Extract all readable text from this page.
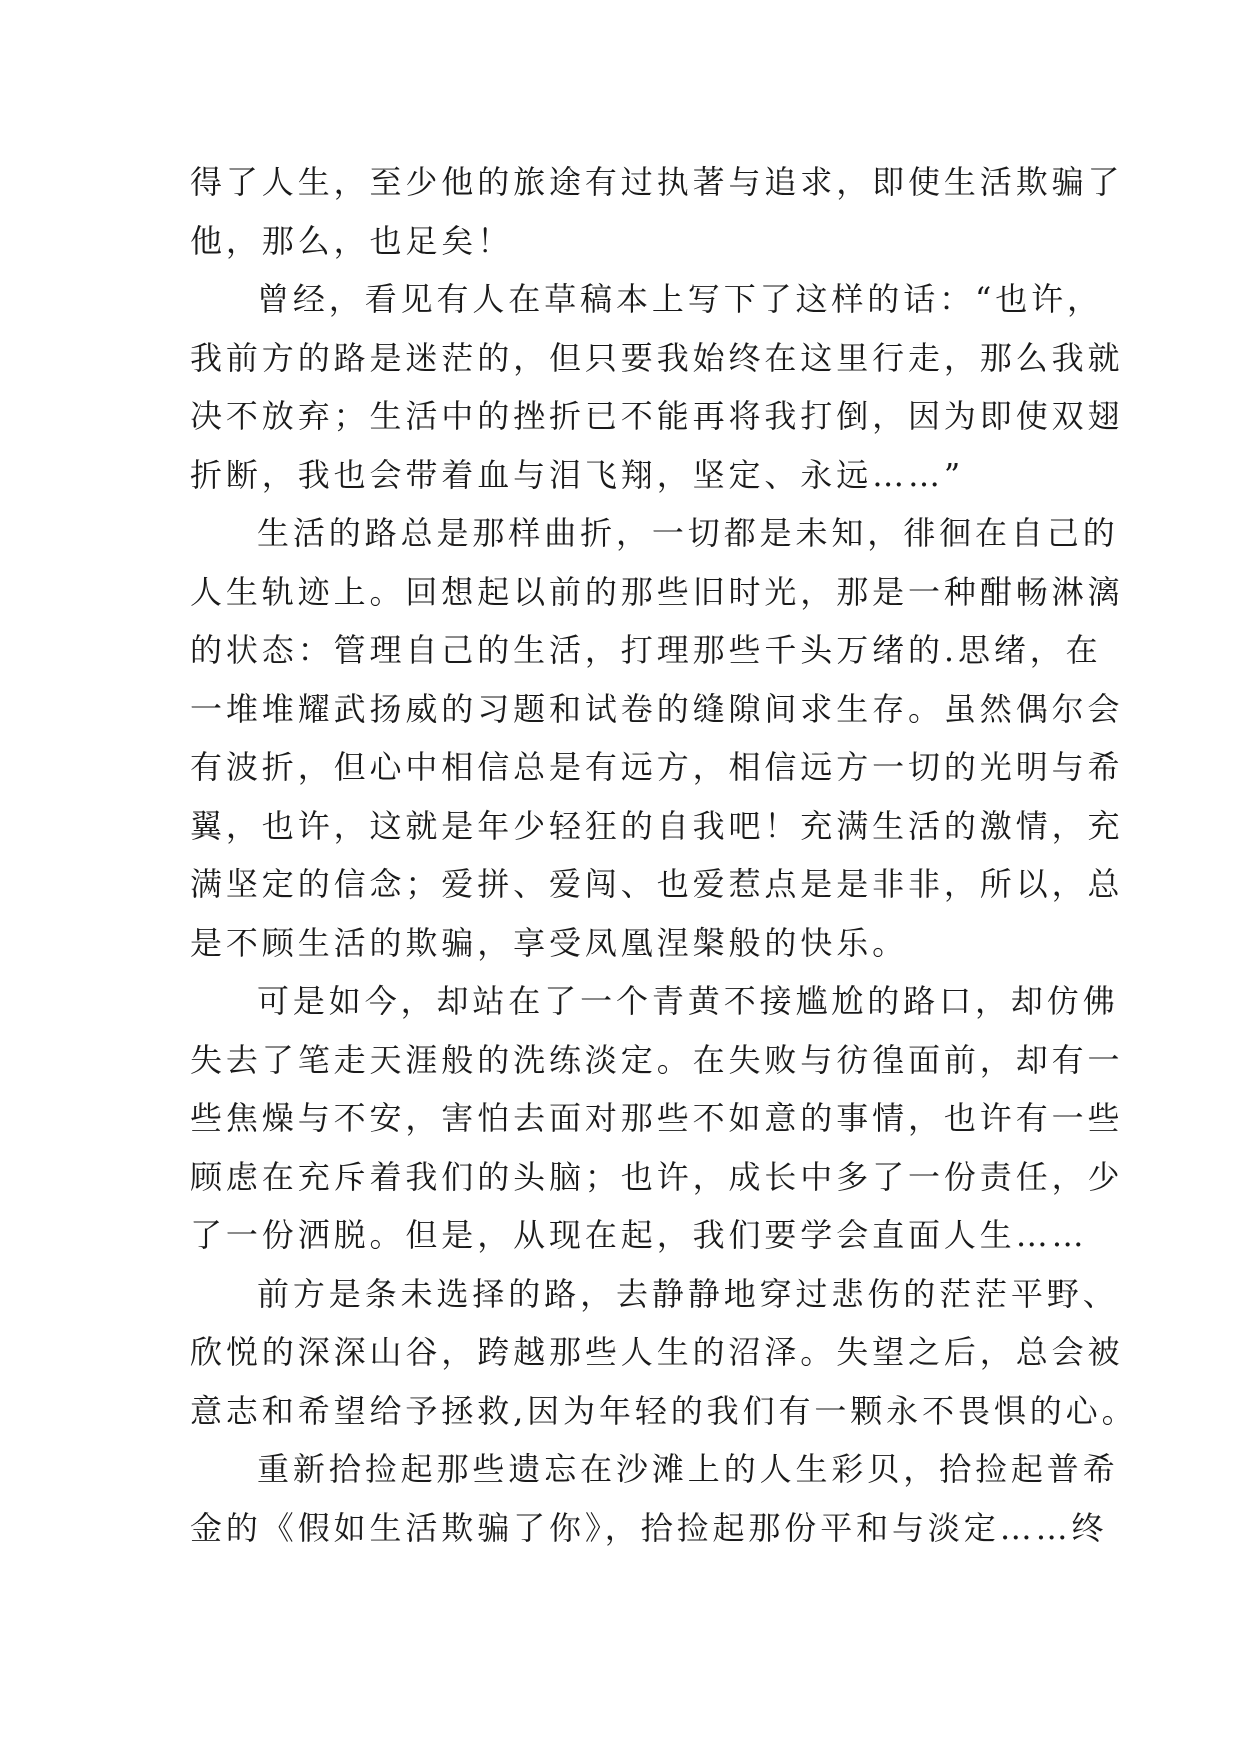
得了人生，至少他的旅途有过执著与追求，即使生活欺骗了
他，那么，也足矣！
曾经，看见有人在草稿本上写下了这样的话：“也许，
我前方的路是迷茫的，但只要我始终在这里行走，那么我就
决不放弃；生活中的挫折已不能再将我打倒，因为即使双翅
折断，我也会带着血与泪飞翔，坚定、永远……”
生活的路总是那样曲折，一切都是未知，徘徊在自己的
人生轨迹上。回想起以前的那些旧时光，那是一种酣畅淋漓
的状态：管理自己的生活，打理那些千头万绪的.思绪，在
一堆堆耀武扬威的习题和试卷的缝隙间求生存。虽然偶尔会
有波折，但心中相信总是有远方，相信远方一切的光明与希
翼，也许，这就是年少轻狂的自我吧！充满生活的激情，充
满坚定的信念；爱拼、爱闯、也爱惹点是是非非，所以，总
是不顾生活的欺骗，享受凤凰涅槃般的快乐。
可是如今，却站在了一个青黄不接尴尬的路口，却仿佛
失去了笔走天涯般的洗练淡定。在失败与彷徨面前，却有一
些焦燥与不安，害怕去面对那些不如意的事情，也许有一些
顾虑在充斥着我们的头脑；也许，成长中多了一份责任，少
了一份洒脱。但是，从现在起，我们要学会直面人生……
前方是条未选择的路，去静静地穿过悲伤的茫茫平野、
欣悦的深深山谷，跨越那些人生的沼泽。失望之后，总会被
意志和希望给予拯救,因为年轻的我们有一颗永不畏惧的心。
重新拾捡起那些遗忘在沙滩上的人生彩贝，拾捡起普希
金的《假如生活欺骗了你》，拾捡起那份平和与淡定……终
